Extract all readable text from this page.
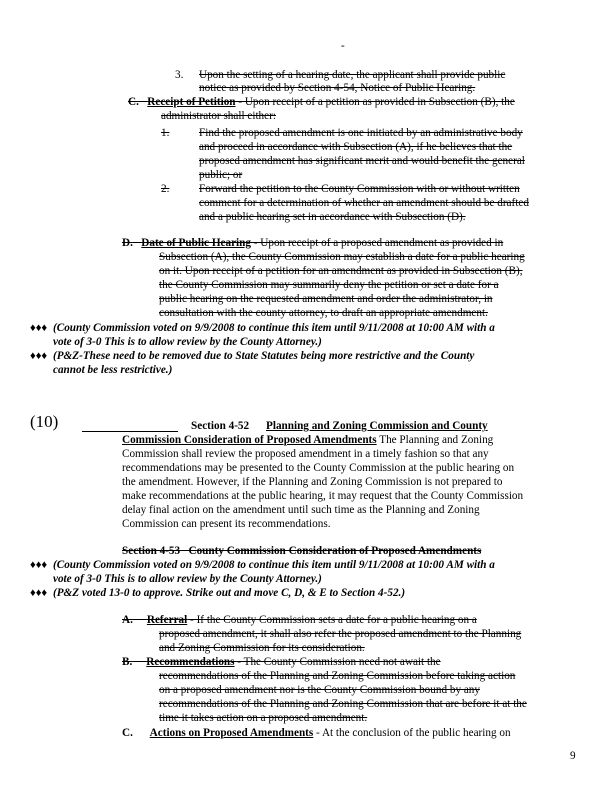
-
3. Upon the setting of a hearing date, the applicant shall provide public
notice as provided by Section 4-54, Notice of Public Hearing.
C. Receipt of Petition - Upon receipt of a petition as provided in Subsection (B), the
administrator shall either:
1.	Find the proposed amendment is one initiated by an administrative body
and proceed in accordance with Subsection (A), if he believes that the
proposed amendment has significant merit and would benefit the general
public; or
2.	Forward the petition to the County Commission with or without written
comment for a determination of whether an amendment should be drafted
and a public hearing set in accordance with Subsection (D).
D. Date of Public Hearing - Upon receipt of a proposed amendment as provided in
Subsection (A), the County Commission may establish a date for a public hearing
on it. Upon receipt of a petition for an amendment as provided in Subsection (B),
the County Commission may summarily deny the petition or set a date for a
public hearing on the requested amendment and order the administrator, in
consultation with the county attorney, to draft an appropriate amendment.
♦♦♦ (County Commission voted on 9/9/2008 to continue this item until 9/11/2008 at 10:00 AM with a
vote of 3-0 This is to allow review by the County Attorney.)
♦♦♦ (P&Z-These need to be removed due to State Statutes being more restrictive and the County
cannot be less restrictive.)
(10)	Section 4-52 Planning and Zoning Commission and County
Commission Consideration of Proposed Amendments The Planning and Zoning
Commission shall review the proposed amendment in a timely fashion so that any
recommendations may be presented to the County Commission at the public hearing on
the amendment. However, if the Planning and Zoning Commission is not prepared to
make recommendations at the public hearing, it may request that the County Commission
delay final action on the amendment until such time as the Planning and Zoning
Commission can present its recommendations.
Section 4-53   County Commission Consideration of Proposed Amendments
♦♦♦ (County Commission voted on 9/9/2008 to continue this item until 9/11/2008 at 10:00 AM with a
vote of 3-0 This is to allow review by the County Attorney.)
♦♦♦ (P&Z voted 13-0 to approve. Strike out and move C, D, & E to Section 4-52.)
A. Referral - If the County Commission sets a date for a public hearing on a
proposed amendment, it shall also refer the proposed amendment to the Planning
and Zoning Commission for its consideration.
B. Recommendations - The County Commission need not await the
recommendations of the Planning and Zoning Commission before taking action
on a proposed amendment nor is the County Commission bound by any
recommendations of the Planning and Zoning Commission that are before it at the
time it takes action on a proposed amendment.
C. Actions on Proposed Amendments - At the conclusion of the public hearing on
9
